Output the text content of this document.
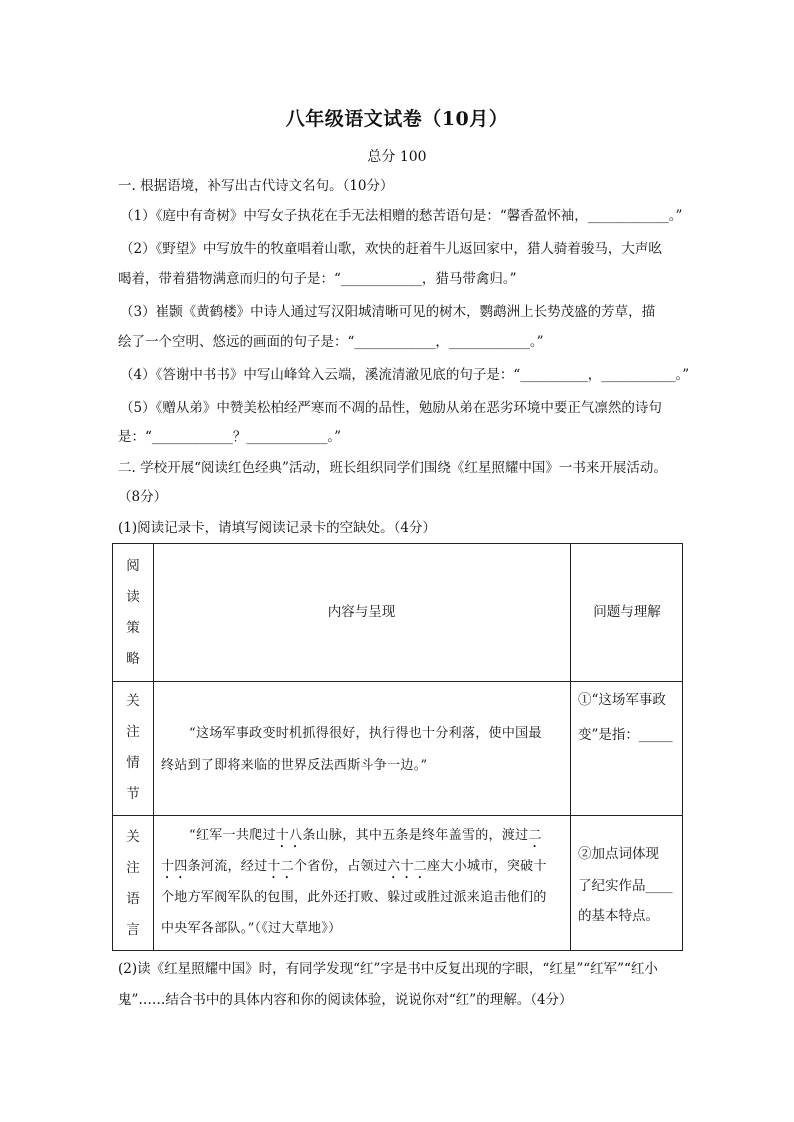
八年级语文试卷（10月）
总分 100
一. 根据语境，补写出古代诗文名句。（10分）
（1）《庭中有奇树》中写女子执花在手无法相赠的愁苦语句是：“馨香盈怀袖，____________。”
（2）《野望》中写放牛的牧童唱着山歌，欢快的赶着牛儿返回家中，猎人骑着骏马，大声吆
喝着，带着猎物满意而归的句子是：“____________，猎马带禽归。”
（3）崔颢《黄鹤楼》中诗人通过写汉阳城清晰可见的树木，鹦鹉洲上长势茂盛的芳草，描
绘了一个空明、悠远的画面的句子是：“____________，____________。”
（4）《答谢中书书》中写山峰耸入云端，溪流清澈见底的句子是：“__________，___________。”
（5）《赠从弟》中赞美松柏经严寒而不凋的品性，勉励从弟在恶劣环境中要正气凛然的诗句
是：“____________？____________。”
二. 学校开展“阅读红色经典”活动，班长组织同学们围绕《红星照耀中国》一书来开展活动。
（8分）
(1)阅读记录卡，请填写阅读记录卡的空缺处。（4分）
阅
读
策
略
内容与呈现	问题与理解
关
注
情
节
“这场军事政变时机抓得很好，执行得也十分利落，使中国最
终站到了即将来临的世界反法西斯斗争一边。”
①“这场军事政
变”是指：_____
关
注
语
言
“红军一共爬过十八条山脉，其中五条是终年盖雪的，渡过二
十四条河流，经过十二个省份，占领过六十二座大小城市，突破十
个地方军阀军队的包围，此外还打败、躲过或胜过派来追击他们的
中央军各部队。”（《过大草地》）
②加点词体现
了纪实作品____
的基本特点。
(2)读《红星照耀中国》时，有同学发现“红”字是书中反复出现的字眼，“红星”“红军”“红小
鬼”……结合书中的具体内容和你的阅读体验，说说你对“红”的理解。（4分）
